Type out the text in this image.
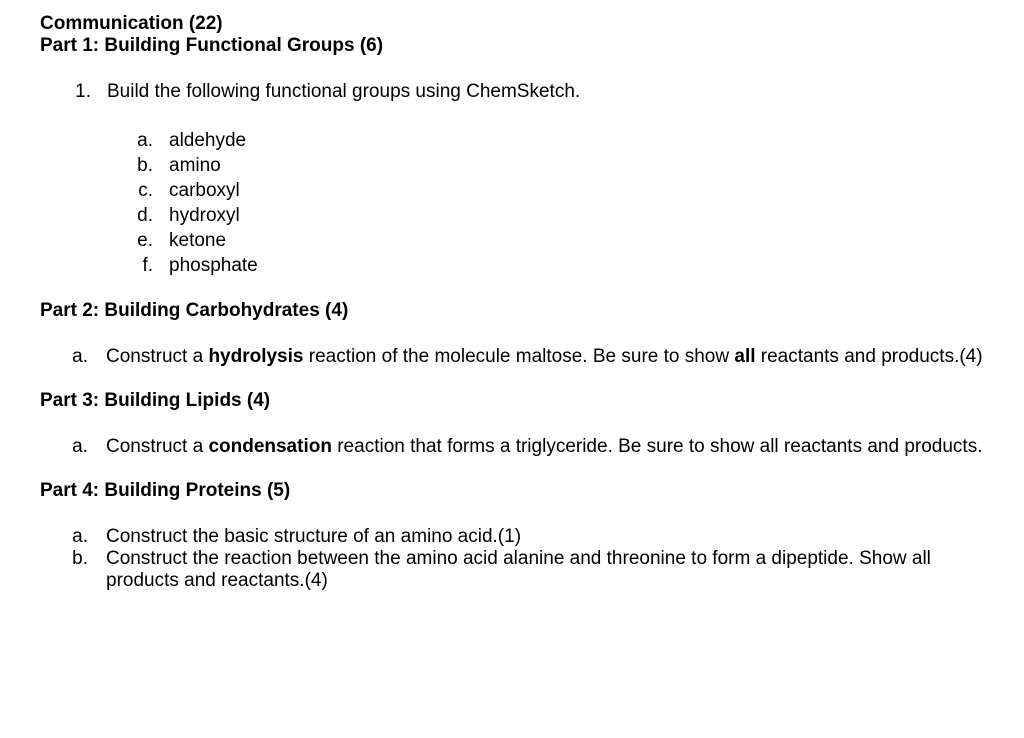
Communication (22)

Part 1: Building Functional Groups (6)

1. Build the following functional groups using ChemSketch.
a. aldehyde
b. amino
c. carboxyl
d. hydroxyl
e. ketone
f. phosphate

Part 2: Building Carbohydrates (4)

a. Construct a hydrolysis reaction of the molecule maltose. Be sure to show all reactants and products.(4)

Part 3: Building Lipids (4)

a. Construct a condensation reaction that forms a triglyceride. Be sure to show all reactants and products.

Part 4: Building Proteins (5)

a. Construct the basic structure of an amino acid.(1)
b. Construct the reaction between the amino acid alanine and threonine to form a dipeptide. Show all products and reactants.(4)
